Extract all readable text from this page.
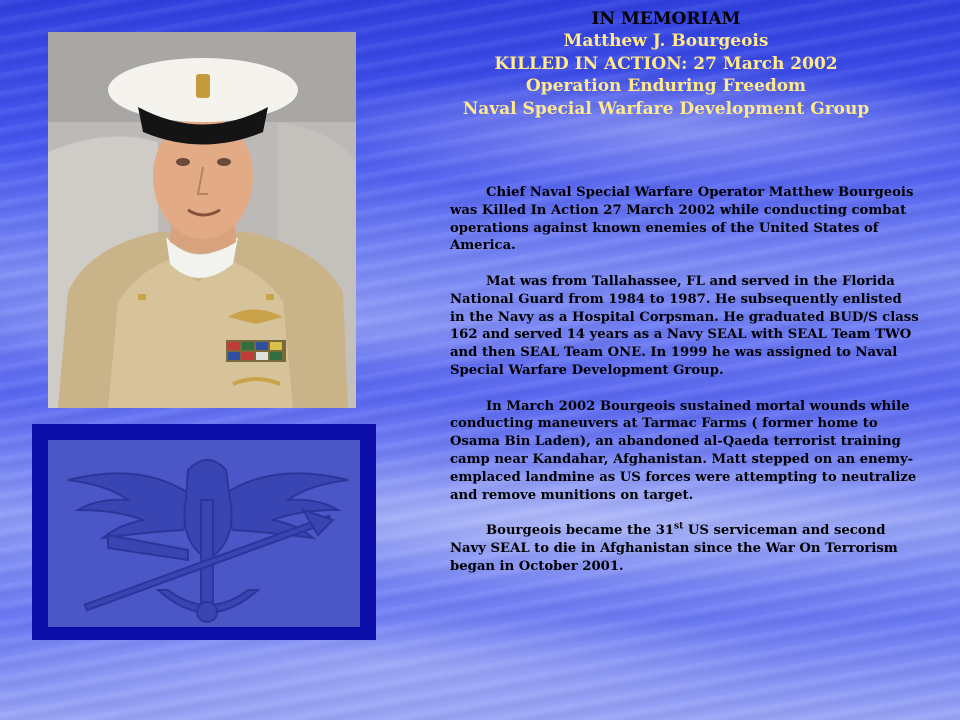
IN MEMORIAM
Matthew J. Bourgeois
KILLED IN ACTION: 27 March 2002
Operation Enduring Freedom
Naval Special Warfare Development Group

Chief Naval Special Warfare Operator Matthew Bourgeois was Killed In Action 27 March 2002 while conducting combat operations against known enemies of the United States of America.

Mat was from Tallahassee, FL and served in the Florida National Guard from 1984 to 1987. He subsequently enlisted in the Navy as a Hospital Corpsman. He graduated BUD/S class 162 and served 14 years as a Navy SEAL with SEAL Team TWO and then SEAL Team ONE. In 1999 he was assigned to Naval Special Warfare Development Group.

In March 2002 Bourgeois sustained mortal wounds while conducting maneuvers at Tarmac Farms ( former home to Osama Bin Laden), an abandoned al-Qaeda terrorist training camp near Kandahar, Afghanistan. Matt stepped on an enemy-emplaced landmine as US forces were attempting to neutralize and remove munitions on target.

Bourgeois became the 31st US serviceman and second Navy SEAL to die in Afghanistan since the War On Terrorism began in October 2001.
